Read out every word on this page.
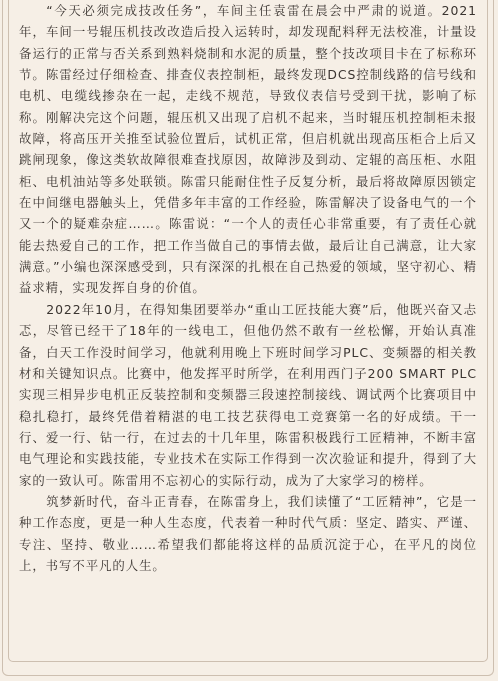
“今天必须完成技改任务”，车间主任袁雷在晨会中严肃的说道。2021年，车间一号辊压机技改改造后投入运转时，却发现配料秤无法校准，计量设备运行的正常与否关系到熟料烧制和水泥的质量，整个技改项目卡在了标称环节。陈雷经过仔细检查、排查仪表控制柜，最终发现DCS控制线路的信号线和电机、电缆线掺杂在一起，走线不规范，导致仪表信号受到干扰，影响了标称。刚解决完这个问题，辊压机又出现了启机不起来，当时辊压机控制柜未报故障，将高压开关推至试验位置后，试机正常，但启机就出现高压柜合上后又跳闸现象，像这类软故障很难查找原因，故障涉及到动、定辊的高压柜、水阻柜、电机油站等多处联锁。陈雷只能耐住性子反复分析，最后将故障原因锁定在中间继电器触头上，凭借多年丰富的工作经验，陈雷解决了设备电气的一个又一个的疑难杂症……。陈雷说：“一个人的责任心非常重要，有了责任心就能去热爱自己的工作，把工作当做自己的事情去做，最后让自己满意，让大家满意。”小编也深深感受到，只有深深的扎根在自己热爱的领域，坚守初心、精益求精，实现发挥自身的价值。

2022年10月，在得知集团要举办“重山工匠技能大赛”后，他既兴奋又忐忑，尽管已经干了18年的一线电工，但他仍然不敢有一丝松懈，开始认真准备，白天工作没时间学习，他就利用晚上下班时间学习PLC、变频器的相关教材和关键知识点。比赛中，他发挥平时所学，在利用西门子200 SMART PLC实现三相异步电机正反装控制和变频器三段速控制接线、调试两个比赛项目中稳扎稳打，最终凭借着精湛的电工技艺获得电工竞赛第一名的好成绩。干一行、爱一行、钻一行，在过去的十几年里，陈雷积极践行工匠精神，不断丰富电气理论和实践技能，专业技术在实际工作得到一次次验证和提升，得到了大家的一致认可。陈雷用不忘初心的实际行动，成为了大家学习的榜样。

筑梦新时代，奋斗正青春，在陈雷身上，我们读懂了“工匠精神”，它是一种工作态度，更是一种人生态度，代表着一种时代气质：坚定、踏实、严谨、专注、坚持、敬业……希望我们都能将这样的品质沉淀于心，在平凡的岗位上，书写不平凡的人生。
